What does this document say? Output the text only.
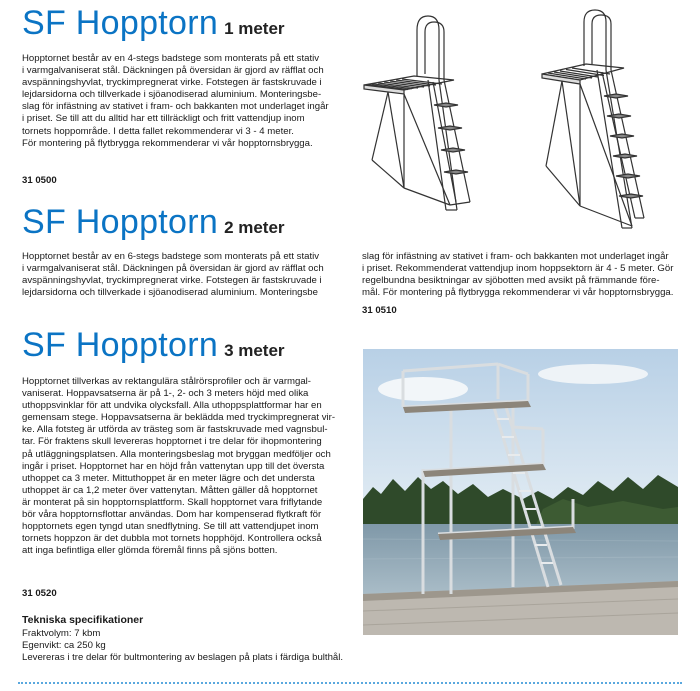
SF Hopptorn 1 meter
Hopptornet består av en 4-stegs badstege som monterats på ett stativ
i varmgalvaniserat stål. Däckningen på översidan är gjord av räfflat och
avspänningshyvlat, tryckimpregnerat virke. Fotstegen är fastskruvade i
lejdarsidorna och tillverkade i sjöanodiserad aluminium. Monteringsbe-
slag för infästning av stativet i fram- och bakkanten mot underlaget ingår
i priset. Se till att du alltid har ett tillräckligt och fritt vattendjup inom
tornets hoppområde. I detta fallet rekommenderar vi 3 - 4 meter.
För montering på flytbrygga rekommenderar vi vår hopptornsbrygga.
31 0500
SF Hopptorn 2 meter
Hopptornet består av en 6-stegs badstege som monterats på ett stativ
i varmgalvaniserat stål. Däckningen på översidan är gjord av räfflat och
avspänningshyvlat, tryckimpregnerat virke. Fotstegen är fastskruvade i
lejdarsidorna och tillverkade i sjöanodiserad aluminium. Monteringsbe
slag för infästning av stativet i fram- och bakkanten mot underlaget ingår
i priset. Rekommenderat vattendjup inom hoppsektorn är 4 - 5 meter. Gör
regelbundna besiktningar av sjöbotten med avsikt på främmande före-
mål. För montering på flytbrygga rekommenderar vi vår hopptornsbrygga.
31 0510
SF Hopptorn 3 meter
Hopptornet tillverkas av rektangulära stålrörsprofiler och är varmgal-
vaniserat. Hoppavsatserna är på 1-, 2- och 3 meters höjd med olika
uthoppsvinklar för att undvika olycksfall. Alla uthoppsplattformar har en
gemensam stege. Hoppavsatserna är beklädda med tryckimpregnerat vir-
ke. Alla fotsteg är utförda av trästeg som är fastskruvade med vagnsbul-
tar. För fraktens skull levereras hopptornet i tre delar för ihopmontering
på utläggningsplatsen. Alla monteringsbeslag mot bryggan medföljer och
ingår i priset. Hopptornet har en höjd från vattenytan upp till det översta
uthoppet ca 3 meter. Mittuthoppet är en meter lägre och det understa
uthoppet är ca 1,2 meter över vattenytan. Måtten gäller då hopptornet
är monterat på sin hopptornsplattform. Skall hopptornet vara friflytande
bör våra hopptornsflottar användas. Dom har kompenserad flytkraft för
hopptornets egen tyngd utan snedflytning. Se till att vattendjupet inom
tornets hoppzon är det dubbla mot tornets hopphöjd. Kontrollera också
att inga befintliga eller glömda föremål finns på sjöns botten.
31 0520
Tekniska specifikationer
Fraktvolym: 7 kbm
Egenvikt: ca 250 kg
Levereras i tre delar för bultmontering av beslagen på plats i färdiga bulthål.
